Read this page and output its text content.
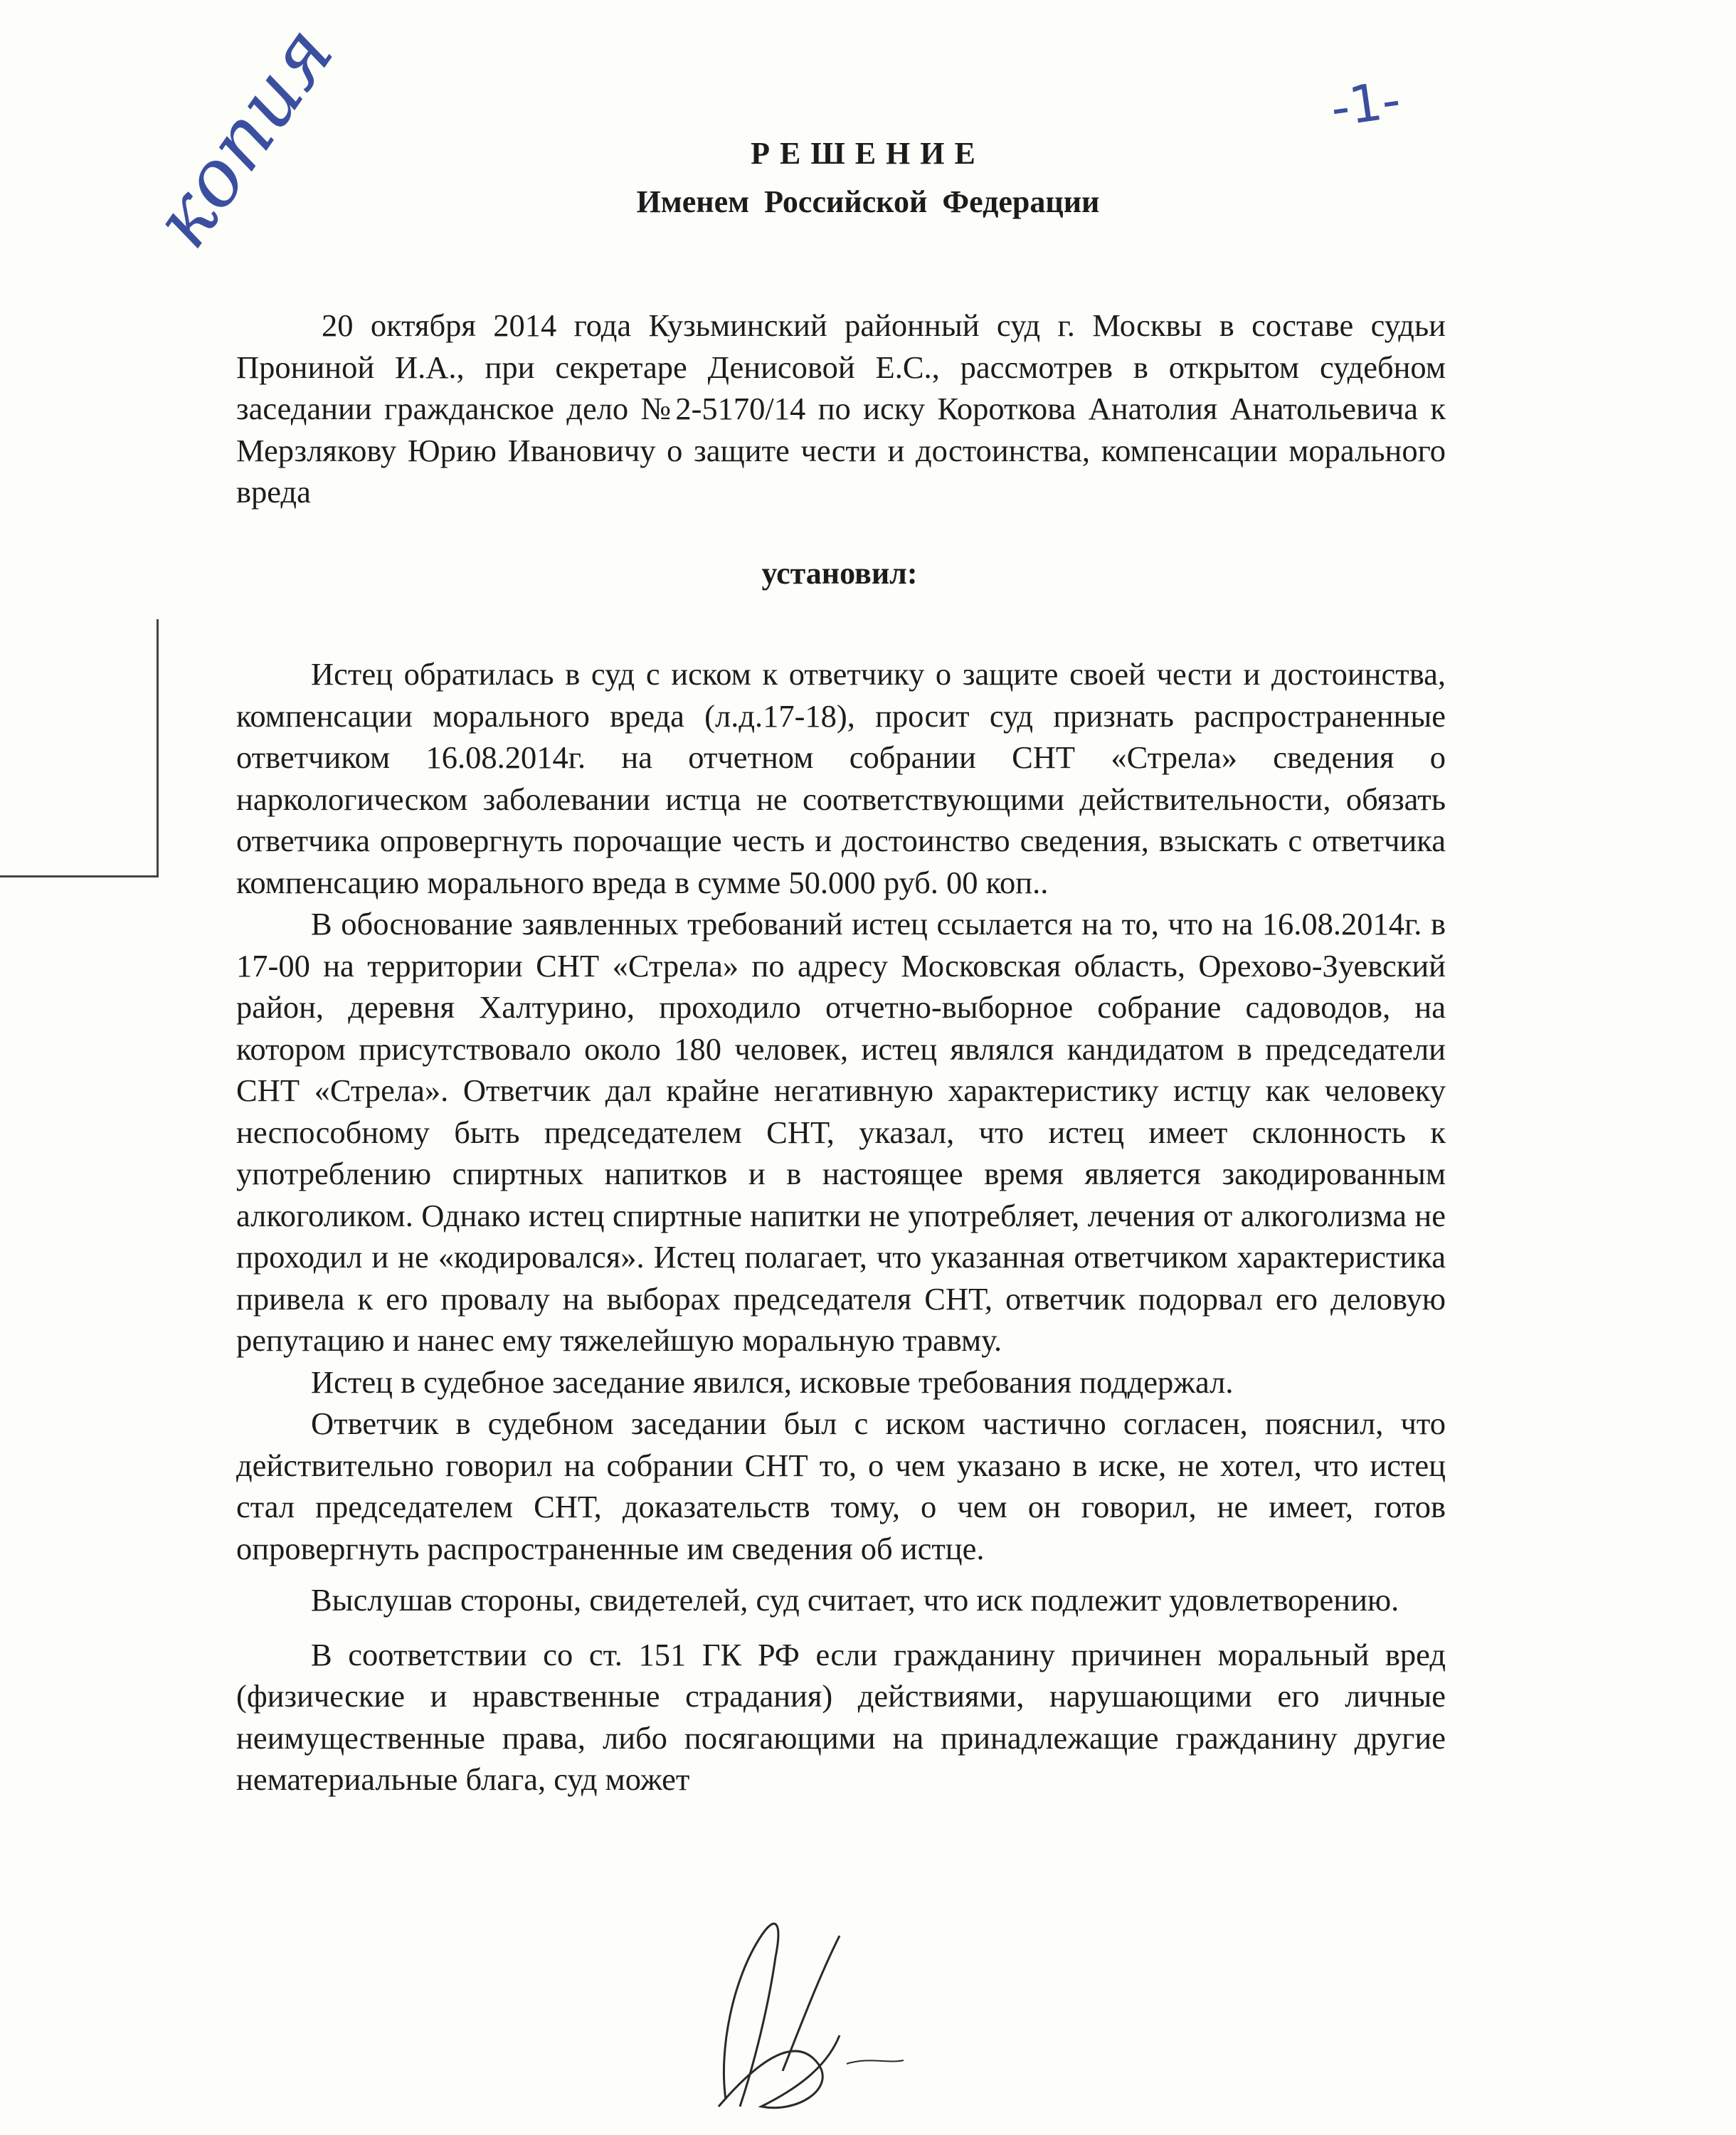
копия	-1-
РЕШЕНИЕ
Именем Российской Федерации

20 октября 2014 года Кузьминский районный суд г. Москвы в составе судьи Прониной И.А., при секретаре Денисовой Е.С., рассмотрев в открытом судебном заседании гражданское дело №2-5170/14 по иску Короткова Анатолия Анатольевича к Мерзлякову Юрию Ивановичу о защите чести и достоинства, компенсации морального вреда

установил:

Истец обратилась в суд с иском к ответчику о защите своей чести и достоинства, компенсации морального вреда (л.д.17-18), просит суд признать распространенные ответчиком 16.08.2014г. на отчетном собрании СНТ «Стрела» сведения о наркологическом заболевании истца не соответствующими действительности, обязать ответчика опровергнуть порочащие честь и достоинство сведения, взыскать с ответчика компенсацию морального вреда в сумме 50.000 руб. 00 коп..

В обоснование заявленных требований истец ссылается на то, что на 16.08.2014г. в 17-00 на территории СНТ «Стрела» по адресу Московская область, Орехово-Зуевский район, деревня Халтурино, проходило отчетно-выборное собрание садоводов, на котором присутствовало около 180 человек, истец являлся кандидатом в председатели СНТ «Стрела». Ответчик дал крайне негативную характеристику истцу как человеку неспособному быть председателем СНТ, указал, что истец имеет склонность к употреблению спиртных напитков и в настоящее время является закодированным алкоголиком. Однако истец спиртные напитки не употребляет, лечения от алкоголизма не проходил и не «кодировался». Истец полагает, что указанная ответчиком характеристика привела к его провалу на выборах председателя СНТ, ответчик подорвал его деловую репутацию и нанес ему тяжелейшую моральную травму.

Истец в судебное заседание явился, исковые требования поддержал.

Ответчик в судебном заседании был с иском частично согласен, пояснил, что действительно говорил на собрании СНТ то, о чем указано в иске, не хотел, что истец стал председателем СНТ, доказательств тому, о чем он говорил, не имеет, готов опровергнуть распространенные им сведения об истце.

Выслушав стороны, свидетелей, суд считает, что иск подлежит удовлетворению.

В соответствии со ст. 151 ГК РФ если гражданину причинен моральный вред (физические и нравственные страдания) действиями, нарушающими его личные неимущественные права, либо посягающими на принадлежащие гражданину другие нематериальные блага, суд может
